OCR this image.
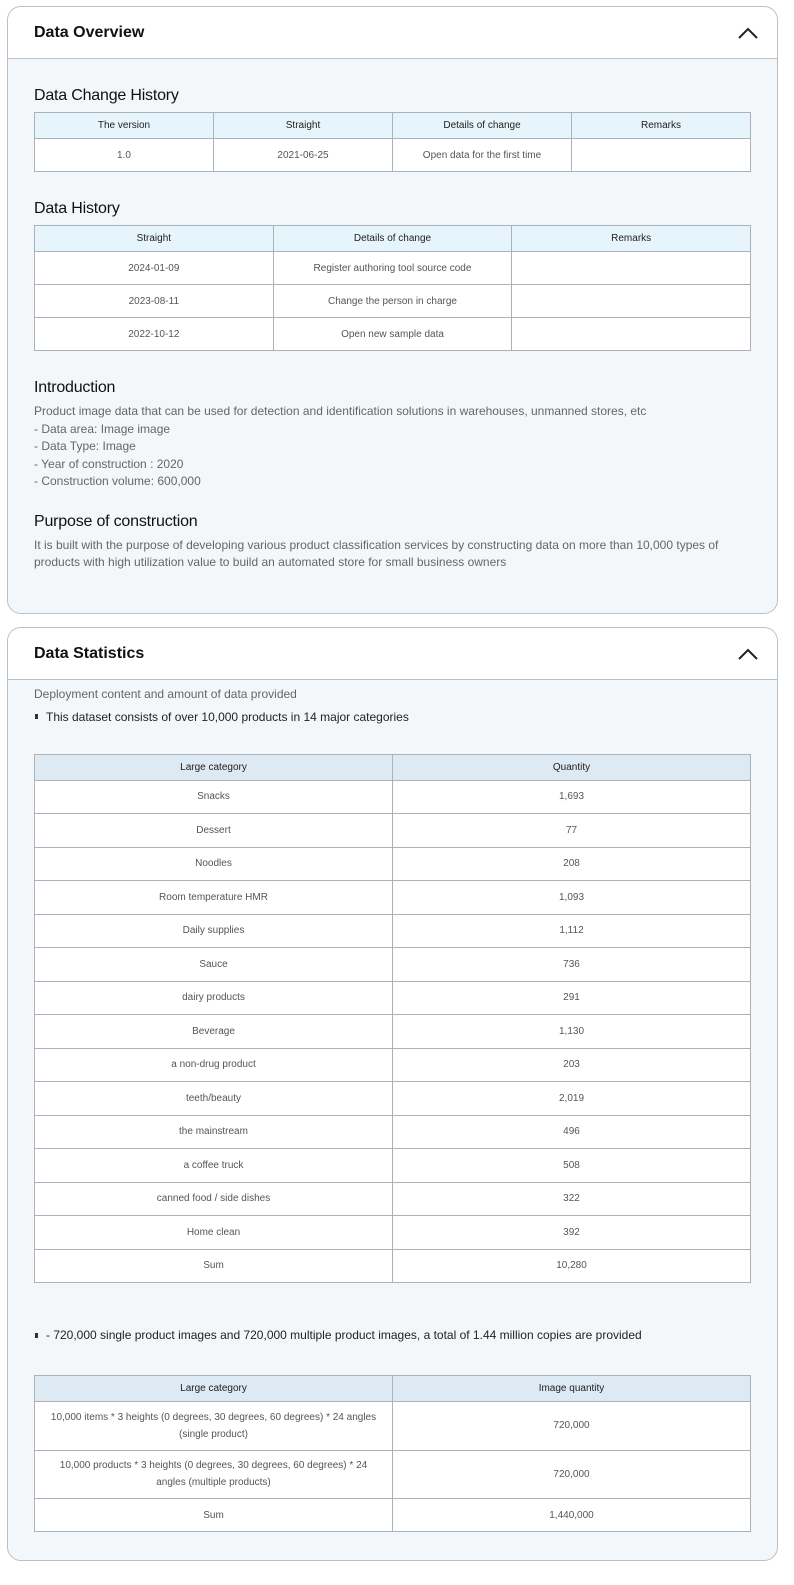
Data Overview
Data Change History
The version	Straight	Details of change	Remarks
1.0	2021-06-25	Open data for the first time	
Data History
Straight	Details of change	Remarks
2024-01-09	Register authoring tool source code	
2023-08-11	Change the person in charge	
2022-10-12	Open new sample data	
Introduction

Product image data that can be used for detection and identification solutions in warehouses, unmanned stores, etc

- Data area: Image image

- Data Type: Image

- Year of construction : 2020

- Construction volume: 600,000

Purpose of construction

It is built with the purpose of developing various product classification services by constructing data on more than 10,000 types of products with high utilization value to build an automated store for small business owners

Data Statistics

Deployment content and amount of data provided

This dataset consists of over 10,000 products in 14 major categories
Large category	Quantity
Snacks	1,693
Dessert	77
Noodles	208
Room temperature HMR	1,093
Daily supplies	1,112
Sauce	736
dairy products	291
Beverage	1,130
a non-drug product	203
teeth/beauty	2,019
the mainstream	496
a coffee truck	508
canned food / side dishes	322
Home clean	392
Sum	10,280
- 720,000 single product images and 720,000 multiple product images, a total of 1.44 million copies are provided
Large category	Image quantity
10,000 items * 3 heights (0 degrees, 30 degrees, 60 degrees) * 24 angles (single product)	720,000
10,000 products * 3 heights (0 degrees, 30 degrees, 60 degrees) * 24 angles (multiple products)	720,000
Sum	1,440,000
